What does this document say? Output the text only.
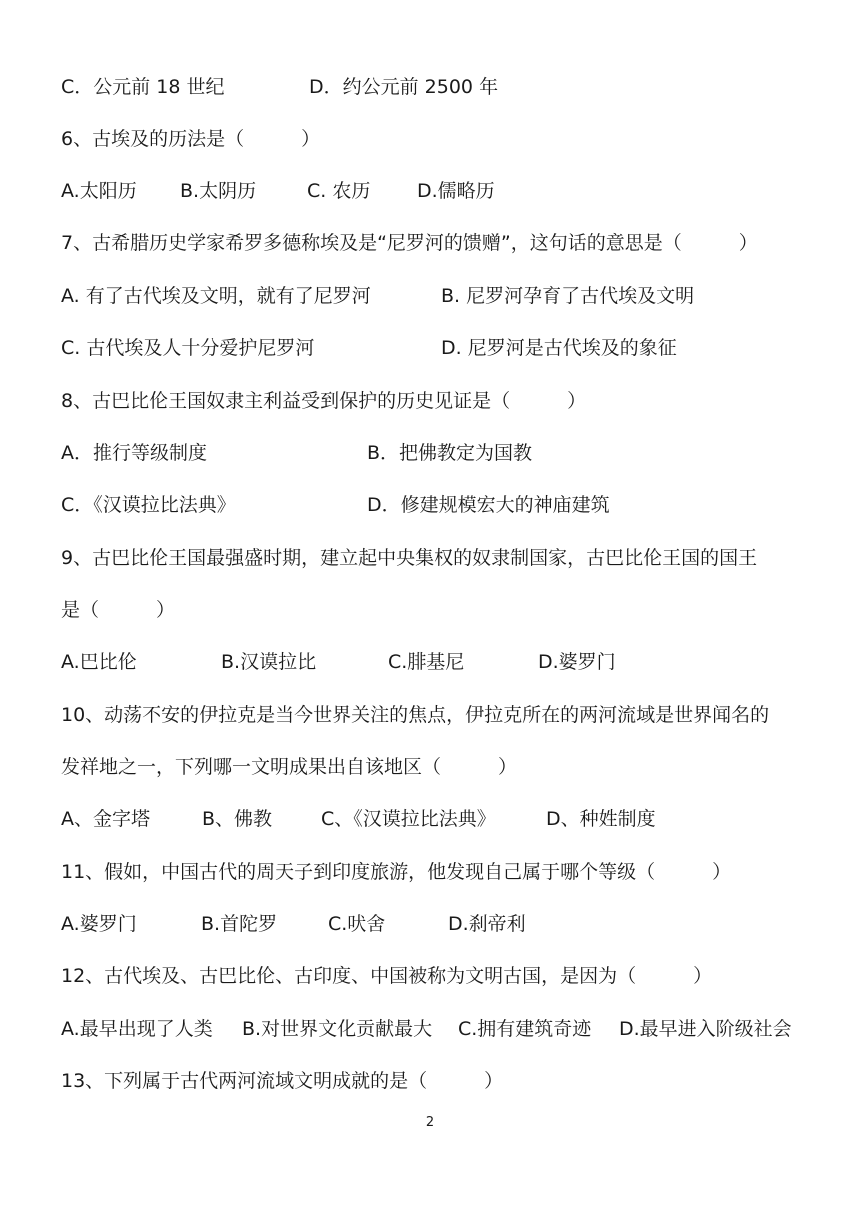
C．公元前 18 世纪	D．约公元前 2500 年
6、古埃及的历法是（　　　）
A.太阳历 B.太阴历	C. 农历 D.儒略历
7、古希腊历史学家希罗多德称埃及是“尼罗河的馈赠”，这句话的意思是（　　　）
A. 有了古代埃及文明，就有了尼罗河	B. 尼罗河孕育了古代埃及文明
C. 古代埃及人十分爱护尼罗河	D. 尼罗河是古代埃及的象征
8、古巴比伦王国奴隶主利益受到保护的历史见证是（　　　）
A．推行等级制度	B．把佛教定为国教
C．《汉谟拉比法典》	D．修建规模宏大的神庙建筑
9、古巴比伦王国最强盛时期，建立起中央集权的奴隶制国家，古巴比伦王国的国王
是（　　　）
A.巴比伦	B.汉谟拉比	C.腓基尼	D.婆罗门
10、动荡不安的伊拉克是当今世界关注的焦点，伊拉克所在的两河流域是世界闻名的
发祥地之一，下列哪一文明成果出自该地区（　　　）
A、金字塔	B、佛教	C、《汉谟拉比法典》	D、种姓制度
11、假如，中国古代的周天子到印度旅游，他发现自己属于哪个等级（　　　）
A.婆罗门	B.首陀罗	C.吠舍	D.刹帝利
12、古代埃及、古巴比伦、古印度、中国被称为文明古国，是因为（　　　）
A.最早出现了人类 B.对世界文化贡献最大 C.拥有建筑奇迹 D.最早进入阶级社会
13、下列属于古代两河流域文明成就的是（　　　）
2
